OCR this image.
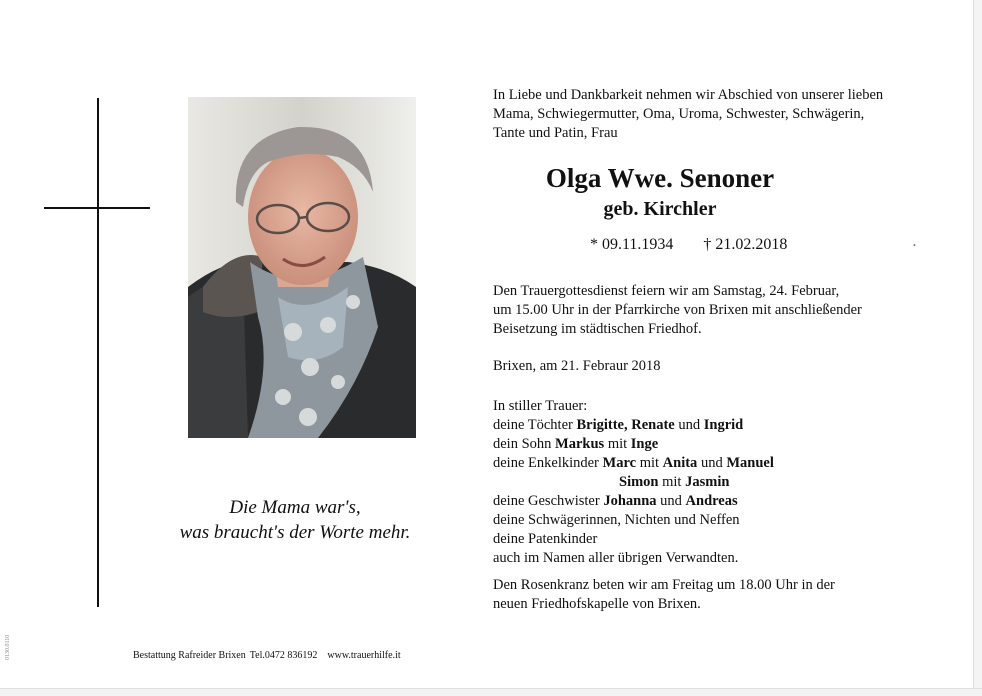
Die Mama war's,
was braucht's der Worte mehr.
Bestattung Rafreider Brixen Tel.0472 836192 www.trauerhilfe.it
0130.0110
In Liebe und Dankbarkeit nehmen wir Abschied von unserer lieben
Mama, Schwiegermutter, Oma, Uroma, Schwester, Schwägerin,
Tante und Patin, Frau
Olga Wwe. Senoner
geb. Kirchler
* 09.11.1934 † 21.02.2018	•
Den Trauergottesdienst feiern wir am Samstag, 24. Februar,
um 15.00 Uhr in der Pfarrkirche von Brixen mit anschließender
Beisetzung im städtischen Friedhof.
Brixen, am 21. Febraur 2018
In stiller Trauer:
deine Töchter Brigitte, Renate und Ingrid
dein Sohn Markus mit Inge
deine Enkelkinder Marc mit Anita und Manuel
Simon mit Jasmin
deine Geschwister Johanna und Andreas
deine Schwägerinnen, Nichten und Neffen
deine Patenkinder
auch im Namen aller übrigen Verwandten.
Den Rosenkranz beten wir am Freitag um 18.00 Uhr in der
neuen Friedhofskapelle von Brixen.
